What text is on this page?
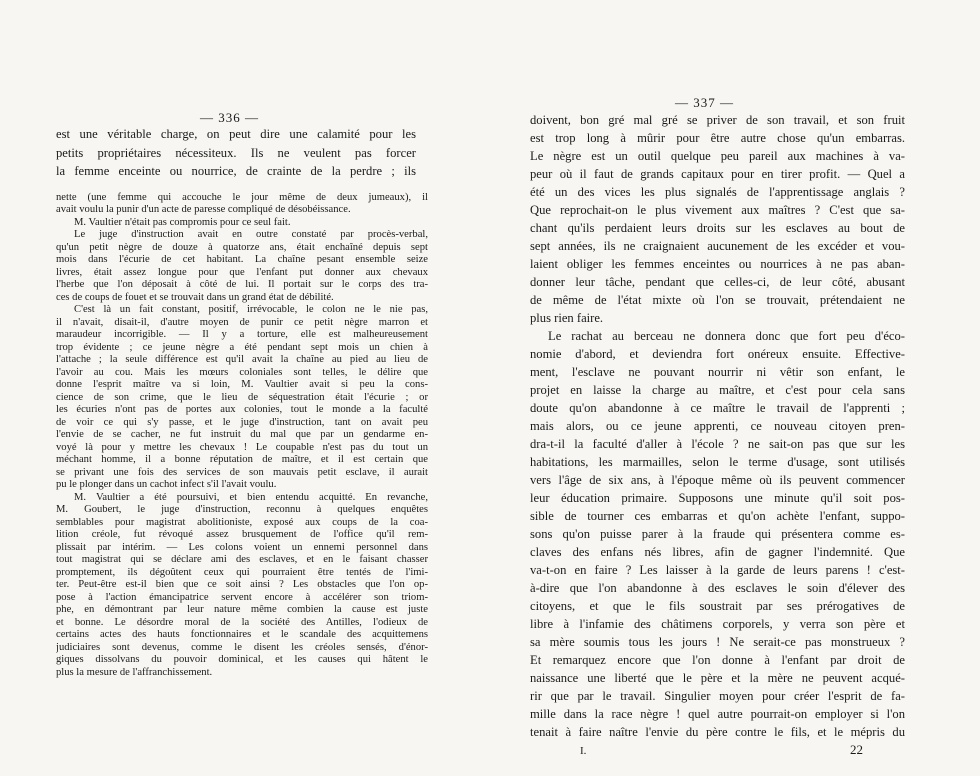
— 336 —
est une véritable charge, on peut dire une calamité pour les
petits propriétaires nécessiteux. Ils ne veulent pas forcer
la femme enceinte ou nourrice, de crainte de la perdre ; ils
nette (une femme qui accouche le jour même de deux jumeaux), il
avait voulu la punir d'un acte de paresse compliqué de désobéissance.
M. Vaultier n'était pas compromis pour ce seul fait.
Le juge d'instruction avait en outre constaté par procès-verbal,
qu'un petit nègre de douze à quatorze ans, était enchaîné depuis sept
mois dans l'écurie de cet habitant. La chaîne pesant ensemble seize
livres, était assez longue pour que l'enfant put donner aux chevaux
l'herbe que l'on déposait à côté de lui. Il portait sur le corps des tra-
ces de coups de fouet et se trouvait dans un grand état de débilité.
C'est là un fait constant, positif, irrévocable, le colon ne le nie pas,
il n'avait, disait-il, d'autre moyen de punir ce petit nègre marron et
maraudeur incorrigible. — Il y a torture, elle est malheureusement
trop évidente ; ce jeune nègre a été pendant sept mois un chien à
l'attache ; la seule différence est qu'il avait la chaîne au pied au lieu de
l'avoir au cou. Mais les mœurs coloniales sont telles, le délire que
donne l'esprit maître va si loin, M. Vaultier avait si peu la cons-
cience de son crime, que le lieu de séquestration était l'écurie ; or
les écuries n'ont pas de portes aux colonies, tout le monde a la faculté
de voir ce qui s'y passe, et le juge d'instruction, tant on avait peu
l'envie de se cacher, ne fut instruit du mal que par un gendarme en-
voyé là pour y mettre les chevaux ! Le coupable n'est pas du tout un
méchant homme, il a bonne réputation de maître, et il est certain que
se privant une fois des services de son mauvais petit esclave, il aurait
pu le plonger dans un cachot infect s'il l'avait voulu.
M. Vaultier a été poursuivi, et bien entendu acquitté. En revanche,
M. Goubert, le juge d'instruction, reconnu à quelques enquêtes
semblables pour magistrat abolitioniste, exposé aux coups de la coa-
lition créole, fut révoqué assez brusquement de l'office qu'il rem-
plissait par intérim. — Les colons voient un ennemi personnel dans
tout magistrat qui se déclare ami des esclaves, et en le faisant chasser
promptement, ils dégoûtent ceux qui pourraient être tentés de l'imi-
ter. Peut-être est-il bien que ce soit ainsi ? Les obstacles que l'on op-
pose à l'action émancipatrice servent encore à accélérer son triom-
phe, en démontrant par leur nature même combien la cause est juste
et bonne. Le désordre moral de la société des Antilles, l'odieux de
certains actes des hauts fonctionnaires et le scandale des acquittemens
judiciaires sont devenus, comme le disent les créoles sensés, d'énor-
giques dissolvans du pouvoir dominical, et les causes qui hâtent le
plus la mesure de l'affranchissement.
— 337 —
doivent, bon gré mal gré se priver de son travail, et son fruit
est trop long à mûrir pour être autre chose qu'un embarras.
Le nègre est un outil quelque peu pareil aux machines à va-
peur où il faut de grands capitaux pour en tirer profit. — Quel a
été un des vices les plus signalés de l'apprentissage anglais ?
Que reprochait-on le plus vivement aux maîtres ? C'est que sa-
chant qu'ils perdaient leurs droits sur les esclaves au bout de
sept années, ils ne craignaient aucunement de les excéder et vou-
laient obliger les femmes enceintes ou nourrices à ne pas aban-
donner leur tâche, pendant que celles-ci, de leur côté, abusant
de même de l'état mixte où l'on se trouvait, prétendaient ne
plus rien faire.
Le rachat au berceau ne donnera donc que fort peu d'éco-
nomie d'abord, et deviendra fort onéreux ensuite. Effective-
ment, l'esclave ne pouvant nourrir ni vêtir son enfant, le
projet en laisse la charge au maître, et c'est pour cela sans
doute qu'on abandonne à ce maître le travail de l'apprenti ;
mais alors, ou ce jeune apprenti, ce nouveau citoyen pren-
dra-t-il la faculté d'aller à l'école ? ne sait-on pas que sur les
habitations, les marmailles, selon le terme d'usage, sont utilisés
vers l'âge de six ans, à l'époque même où ils peuvent commencer
leur éducation primaire. Supposons une minute qu'il soit pos-
sible de tourner ces embarras et qu'on achète l'enfant, suppo-
sons qu'on puisse parer à la fraude qui présentera comme es-
claves des enfans nés libres, afin de gagner l'indemnité. Que
va-t-on en faire ? Les laisser à la garde de leurs parens ! c'est-
à-dire que l'on abandonne à des esclaves le soin d'élever des
citoyens, et que le fils soustrait par ses prérogatives de
libre à l'infamie des châtimens corporels, y verra son père et
sa mère soumis tous les jours ! Ne serait-ce pas monstrueux ?
Et remarquez encore que l'on donne à l'enfant par droit de
naissance une liberté que le père et la mère ne peuvent acqué-
rir que par le travail. Singulier moyen pour créer l'esprit de fa-
mille dans la race nègre ! quel autre pourrait-on employer si l'on
tenait à faire naître l'envie du père contre le fils, et le mépris du
I.	22
